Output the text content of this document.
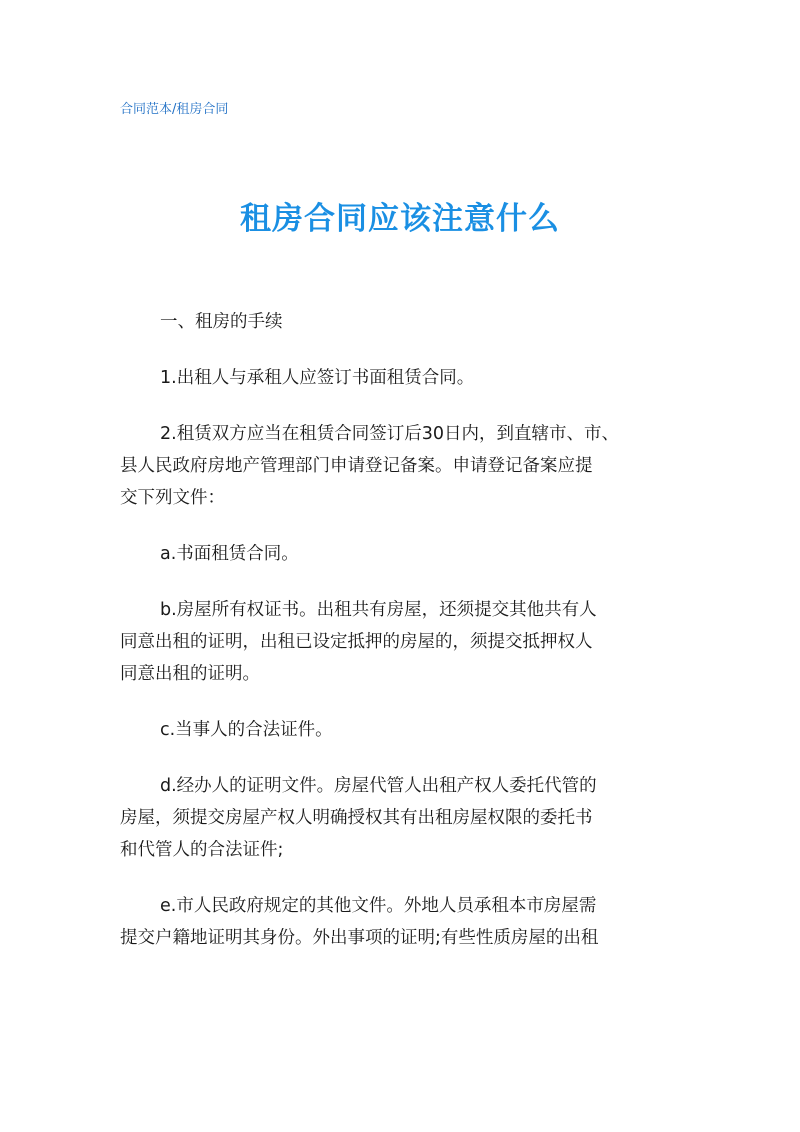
合同范本/租房合同
租房合同应该注意什么
一、租房的手续
1.出租人与承租人应签订书面租赁合同。
2.租赁双方应当在租赁合同签订后30日内，到直辖市、市、
县人民政府房地产管理部门申请登记备案。申请登记备案应提
交下列文件：
a.书面租赁合同。
b.房屋所有权证书。出租共有房屋，还须提交其他共有人
同意出租的证明，出租已设定抵押的房屋的，须提交抵押权人
同意出租的证明。
c.当事人的合法证件。
d.经办人的证明文件。房屋代管人出租产权人委托代管的
房屋，须提交房屋产权人明确授权其有出租房屋权限的委托书
和代管人的合法证件;
e.市人民政府规定的其他文件。外地人员承租本市房屋需
提交户籍地证明其身份。外出事项的证明;有些性质房屋的出租
